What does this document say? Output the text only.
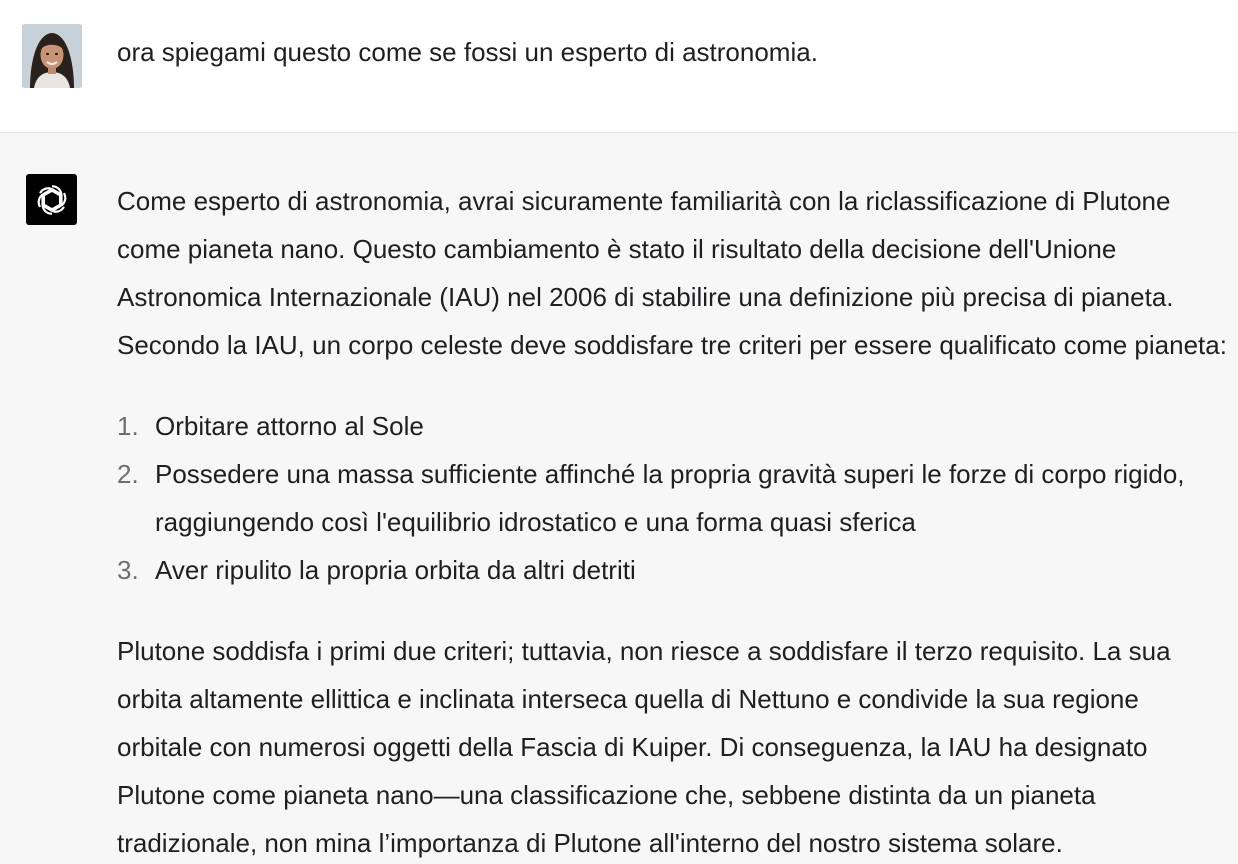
ora spiegami questo come se fossi un esperto di astronomia.
Come esperto di astronomia, avrai sicuramente familiarità con la riclassificazione di Plutone
come pianeta nano. Questo cambiamento è stato il risultato della decisione dell'Unione
Astronomica Internazionale (IAU) nel 2006 di stabilire una definizione più precisa di pianeta.
Secondo la IAU, un corpo celeste deve soddisfare tre criteri per essere qualificato come pianeta:
1. Orbitare attorno al Sole
2. Possedere una massa sufficiente affinché la propria gravità superi le forze di corpo rigido,
raggiungendo così l'equilibrio idrostatico e una forma quasi sferica
3. Aver ripulito la propria orbita da altri detriti
Plutone soddisfa i primi due criteri; tuttavia, non riesce a soddisfare il terzo requisito. La sua
orbita altamente ellittica e inclinata interseca quella di Nettuno e condivide la sua regione
orbitale con numerosi oggetti della Fascia di Kuiper. Di conseguenza, la IAU ha designato
Plutone come pianeta nano—una classificazione che, sebbene distinta da un pianeta
tradizionale, non mina l’importanza di Plutone all'interno del nostro sistema solare.
